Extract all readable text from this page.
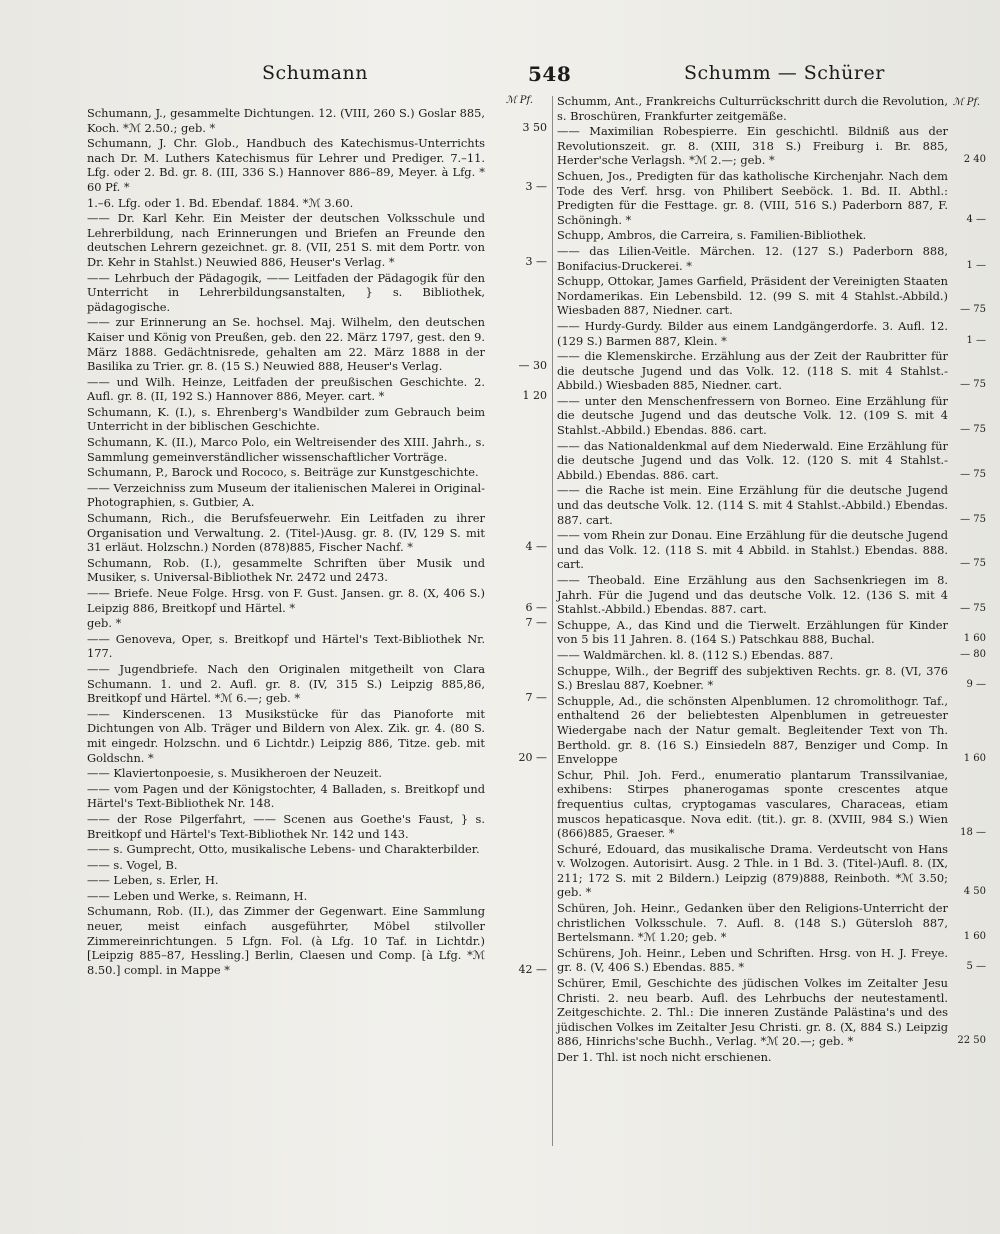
Schumann	548	Schumm — Schürer
ℳ Pf.
Schumann, J., gesammelte Dichtungen. 12. (VIII, 260 S.) Goslar 885, Koch. *ℳ 2.50.; geb. *	3 50
Schumann, J. Chr. Glob., Handbuch des Katechismus-Unterrichts nach Dr. M. Luthers Katechismus für Lehrer und Prediger. 7.–11. Lfg. oder 2. Bd. gr. 8. (III, 336 S.) Hannover 886–89, Meyer. à Lfg. * 60 Pf. *	3 —
1.–6. Lfg. oder 1. Bd. Ebendaf. 1884. *ℳ 3.60.
—— Dr. Karl Kehr. Ein Meister der deutschen Volksschule und Lehrerbildung, nach Erinnerungen und Briefen an Freunde den deutschen Lehrern gezeichnet. gr. 8. (VII, 251 S. mit dem Portr. von Dr. Kehr in Stahlst.) Neuwied 886, Heuser's Verlag. *	3 —
—— Lehrbuch der Pädagogik, —— Leitfaden der Pädagogik für den Unterricht in Lehrerbildungsanstalten, } s. Bibliothek, pädagogische.
—— zur Erinnerung an Se. hochsel. Maj. Wilhelm, den deutschen Kaiser und König von Preußen, geb. den 22. März 1797, gest. den 9. März 1888. Gedächtnisrede, gehalten am 22. März 1888 in der Basilika zu Trier. gr. 8. (15 S.) Neuwied 888, Heuser's Verlag.	— 30
—— und Wilh. Heinze, Leitfaden der preußischen Geschichte. 2. Aufl. gr. 8. (II, 192 S.) Hannover 886, Meyer. cart. *	1 20
Schumann, K. (I.), s. Ehrenberg's Wandbilder zum Gebrauch beim Unterricht in der biblischen Geschichte.
Schumann, K. (II.), Marco Polo, ein Weltreisender des XIII. Jahrh., s. Sammlung gemeinverständlicher wissenschaftlicher Vorträge.
Schumann, P., Barock und Rococo, s. Beiträge zur Kunstgeschichte.
—— Verzeichniss zum Museum der italienischen Malerei in Original-Photographien, s. Gutbier, A.
Schumann, Rich., die Berufsfeuerwehr. Ein Leitfaden zu ihrer Organisation und Verwaltung. 2. (Titel-)Ausg. gr. 8. (IV, 129 S. mit 31 erläut. Holzschn.) Norden (878)885, Fischer Nachf. *	4 —
Schumann, Rob. (I.), gesammelte Schriften über Musik und Musiker, s. Universal-Bibliothek Nr. 2472 und 2473.
—— Briefe. Neue Folge. Hrsg. von F. Gust. Jansen. gr. 8. (X, 406 S.) Leipzig 886, Breitkopf und Härtel. *	6 —
geb. *	7 —
—— Genoveva, Oper, s. Breitkopf und Härtel's Text-Bibliothek Nr. 177.
—— Jugendbriefe. Nach den Originalen mitgetheilt von Clara Schumann. 1. und 2. Aufl. gr. 8. (IV, 315 S.) Leipzig 885,86, Breitkopf und Härtel. *ℳ 6.—; geb. *	7 —
—— Kinderscenen. 13 Musikstücke für das Pianoforte mit Dichtungen von Alb. Träger und Bildern von Alex. Zik. gr. 4. (80 S. mit eingedr. Holzschn. und 6 Lichtdr.) Leipzig 886, Titze. geb. mit Goldschn. *	20 —
—— Klaviertonpoesie, s. Musikheroen der Neuzeit.
—— vom Pagen und der Königstochter, 4 Balladen, s. Breitkopf und Härtel's Text-Bibliothek Nr. 148.
—— der Rose Pilgerfahrt, —— Scenen aus Goethe's Faust, } s. Breitkopf und Härtel's Text-Bibliothek Nr. 142 und 143.
—— s. Gumprecht, Otto, musikalische Lebens- und Charakterbilder.
—— s. Vogel, B.
—— Leben, s. Erler, H.
—— Leben und Werke, s. Reimann, H.
Schumann, Rob. (II.), das Zimmer der Gegenwart. Eine Sammlung neuer, meist einfach ausgeführter, Möbel stilvoller Zimmereinrichtungen. 5 Lfgn. Fol. (à Lfg. 10 Taf. in Lichtdr.) [Leipzig 885–87, Hessling.] Berlin, Claesen und Comp. [à Lfg. *ℳ 8.50.] compl. in Mappe *	42 —
ℳ Pf.
Schumm, Ant., Frankreichs Culturrückschritt durch die Revolution, s. Broschüren, Frankfurter zeitgemäße.
—— Maximilian Robespierre. Ein geschichtl. Bildniß aus der Revolutionszeit. gr. 8. (XIII, 318 S.) Freiburg i. Br. 885, Herder'sche Verlagsh. *ℳ 2.—; geb. *	2 40
Schuen, Jos., Predigten für das katholische Kirchenjahr. Nach dem Tode des Verf. hrsg. von Philibert Seeböck. 1. Bd. II. Abthl.: Predigten für die Festtage. gr. 8. (VIII, 516 S.) Paderborn 887, F. Schöningh. *	4 —
Schupp, Ambros, die Carreira, s. Familien-Bibliothek.
—— das Lilien-Veitle. Märchen. 12. (127 S.) Paderborn 888, Bonifacius-Druckerei. *	1 —
Schupp, Ottokar, James Garfield, Präsident der Vereinigten Staaten Nordamerikas. Ein Lebensbild. 12. (99 S. mit 4 Stahlst.-Abbild.) Wiesbaden 887, Niedner. cart.	— 75
—— Hurdy-Gurdy. Bilder aus einem Landgängerdorfe. 3. Aufl. 12. (129 S.) Barmen 887, Klein. *	1 —
—— die Klemenskirche. Erzählung aus der Zeit der Raubritter für die deutsche Jugend und das Volk. 12. (118 S. mit 4 Stahlst.-Abbild.) Wiesbaden 885, Niedner. cart.	— 75
—— unter den Menschenfressern von Borneo. Eine Erzählung für die deutsche Jugend und das deutsche Volk. 12. (109 S. mit 4 Stahlst.-Abbild.) Ebendas. 886. cart.	— 75
—— das Nationaldenkmal auf dem Niederwald. Eine Erzählung für die deutsche Jugend und das Volk. 12. (120 S. mit 4 Stahlst.-Abbild.) Ebendas. 886. cart.	— 75
—— die Rache ist mein. Eine Erzählung für die deutsche Jugend und das deutsche Volk. 12. (114 S. mit 4 Stahlst.-Abbild.) Ebendas. 887. cart.	— 75
—— vom Rhein zur Donau. Eine Erzählung für die deutsche Jugend und das Volk. 12. (118 S. mit 4 Abbild. in Stahlst.) Ebendas. 888. cart.	— 75
—— Theobald. Eine Erzählung aus den Sachsenkriegen im 8. Jahrh. Für die Jugend und das deutsche Volk. 12. (136 S. mit 4 Stahlst.-Abbild.) Ebendas. 887. cart.	— 75
Schuppe, A., das Kind und die Tierwelt. Erzählungen für Kinder von 5 bis 11 Jahren. 8. (164 S.) Patschkau 888, Buchal.	1 60
—— Waldmärchen. kl. 8. (112 S.) Ebendas. 887.	— 80
Schuppe, Wilh., der Begriff des subjektiven Rechts. gr. 8. (VI, 376 S.) Breslau 887, Koebner. *	9 —
Schupple, Ad., die schönsten Alpenblumen. 12 chromolithogr. Taf., enthaltend 26 der beliebtesten Alpenblumen in getreuester Wiedergabe nach der Natur gemalt. Begleitender Text von Th. Berthold. gr. 8. (16 S.) Einsiedeln 887, Benziger und Comp. In Enveloppe	1 60
Schur, Phil. Joh. Ferd., enumeratio plantarum Transsilvaniae, exhibens: Stirpes phanerogamas sponte crescentes atque frequentius cultas, cryptogamas vasculares, Characeas, etiam muscos hepaticasque. Nova edit. (tit.). gr. 8. (XVIII, 984 S.) Wien (866)885, Graeser. *	18 —
Schuré, Edouard, das musikalische Drama. Verdeutscht von Hans v. Wolzogen. Autorisirt. Ausg. 2 Thle. in 1 Bd. 3. (Titel-)Aufl. 8. (IX, 211; 172 S. mit 2 Bildern.) Leipzig (879)888, Reinboth. *ℳ 3.50; geb. *	4 50
Schüren, Joh. Heinr., Gedanken über den Religions-Unterricht der christlichen Volksschule. 7. Aufl. 8. (148 S.) Gütersloh 887, Bertelsmann. *ℳ 1.20; geb. *	1 60
Schürens, Joh. Heinr., Leben und Schriften. Hrsg. von H. J. Freye. gr. 8. (V, 406 S.) Ebendas. 885. *	5 —
Schürer, Emil, Geschichte des jüdischen Volkes im Zeitalter Jesu Christi. 2. neu bearb. Aufl. des Lehrbuchs der neutestamentl. Zeitgeschichte. 2. Thl.: Die inneren Zustände Palästina's und des jüdischen Volkes im Zeitalter Jesu Christi. gr. 8. (X, 884 S.) Leipzig 886, Hinrichs'sche Buchh., Verlag. *ℳ 20.—; geb. *	22 50
Der 1. Thl. ist noch nicht erschienen.
